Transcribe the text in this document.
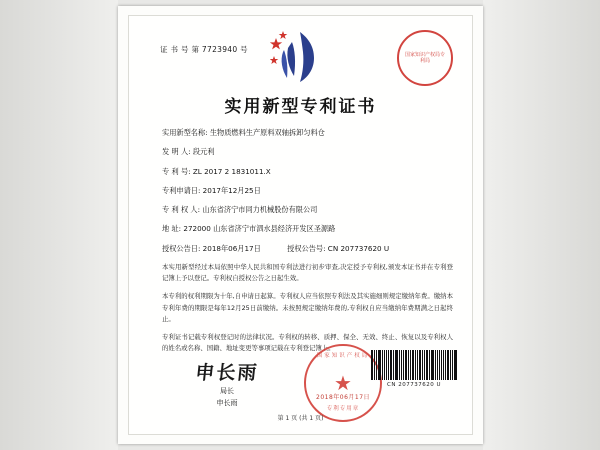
证 书 号 第 7723940 号
国家知识产权局专利局
实用新型专利证书
实用新型名称: 生物质燃料生产原料双轴拆卸匀料仓
发 明 人: 段元利
专 利 号: ZL 2017 2 1831011.X
专利申请日: 2017年12月25日
专 利 权 人: 山东省济宁市同力机械股份有限公司
地 址: 272000 山东省济宁市泗水县经济开发区圣源路
授权公告日: 2018年06月17日	授权公告号: CN 207737620 U

本实用新型经过本局依照中华人民共和国专利法进行初步审查,决定授予专利权,颁发本证书并在专利登记簿上予以登记。专利权自授权公告之日起生效。

本专利的权利期限为十年,自申请日起算。专利权人应当依照专利法及其实施细则规定缴纳年费。缴纳本专利年费的期限是每年12月25日前缴纳。未按照规定缴纳年费的,专利权自应当缴纳年费期满之日起终止。

专利证书记载专利权登记时的法律状况。专利权的转移、质押、保全、无效、终止、恢复以及专利权人的姓名或名称、国籍、地址变更等事项记载在专利登记簿上。

申长雨
局长
申长雨
国家知识产权局
★
专利专用章
2018年06月17日
CN 207737620 U
第 1 页 (共 1 页)
